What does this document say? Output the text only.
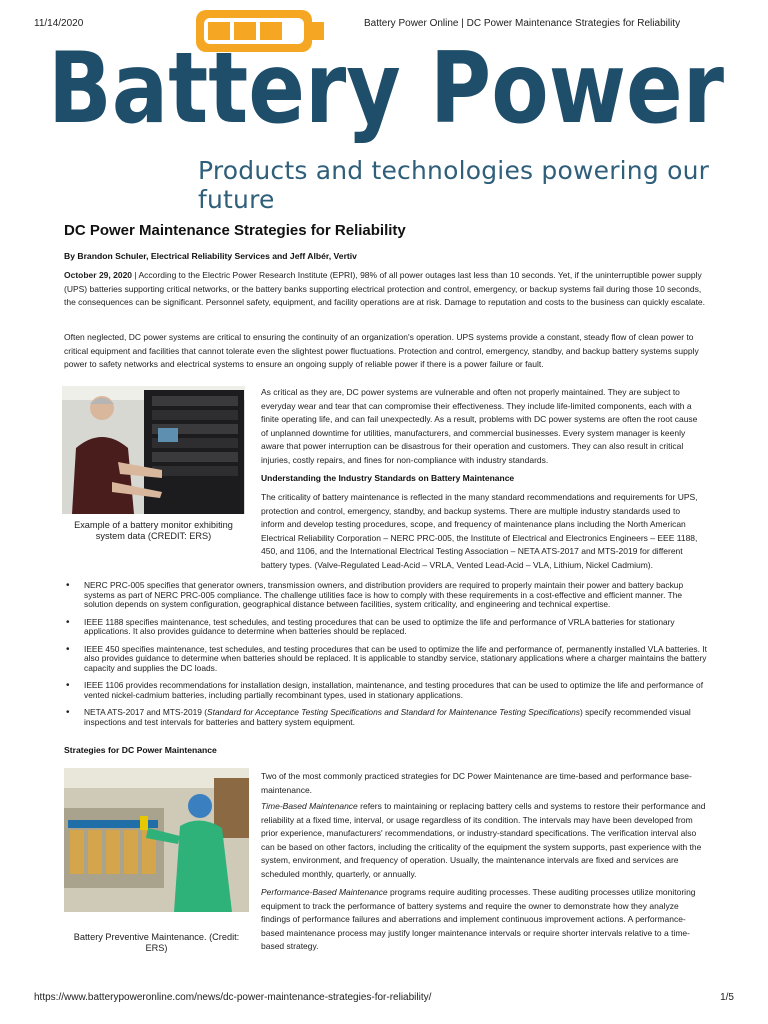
11/14/2020	Battery Power Online | DC Power Maintenance Strategies for Reliability
Battery Power
Products and technologies powering our future
DC Power Maintenance Strategies for Reliability
By Brandon Schuler, Electrical Reliability Services and Jeff Albér, Vertiv
October 29, 2020 | According to the Electric Power Research Institute (EPRI), 98% of all power outages last less than 10 seconds. Yet, if the uninterruptible power supply (UPS) batteries supporting critical networks, or the battery banks supporting electrical protection and control, emergency, or backup systems fail during those 10 seconds, the consequences can be significant. Personnel safety, equipment, and facility operations are at risk. Damage to reputation and costs to the business can quickly escalate.
Often neglected, DC power systems are critical to ensuring the continuity of an organization's operation. UPS systems provide a constant, steady flow of clean power to critical equipment and facilities that cannot tolerate even the slightest power fluctuations. Protection and control, emergency, standby, and backup battery systems supply power to safety networks and electrical systems to ensure an ongoing supply of reliable power if there is a power failure or fault.
Example of a battery monitor exhibiting system data (CREDIT: ERS)
As critical as they are, DC power systems are vulnerable and often not properly maintained. They are subject to everyday wear and tear that can compromise their effectiveness. They include life-limited components, each with a finite operating life, and can fail unexpectedly. As a result, problems with DC power systems are often the root cause of unplanned downtime for utilities, manufacturers, and commercial businesses. Every system manager is keenly aware that power interruption can be disastrous for their operation and customers. They can also result in critical injuries, costly repairs, and fines for non-compliance with industry standards.
Understanding the Industry Standards on Battery Maintenance
The criticality of battery maintenance is reflected in the many standard recommendations and requirements for UPS, protection and control, emergency, standby, and backup systems. There are multiple industry standards used to inform and develop testing procedures, scope, and frequency of maintenance plans including the North American Electrical Reliability Corporation – NERC PRC-005, the Institute of Electrical and Electronics Engineers – EEE 1188, 450, and 1106, and the International Electrical Testing Association – NETA ATS-2017 and MTS-2019 for different battery types. (Valve-Regulated Lead-Acid – VRLA, Vented Lead-Acid – VLA, Lithium, Nickel Cadmium).
• NERC PRC-005 specifies that generator owners, transmission owners, and distribution providers are required to properly maintain their power and battery backup systems as part of NERC PRC-005 compliance. The challenge utilities face is how to comply with these requirements in a cost-effective and efficient manner. The solution depends on system configuration, geographical distance between facilities, system criticality, and engineering and technical expertise.
• IEEE 1188 specifies maintenance, test schedules, and testing procedures that can be used to optimize the life and performance of VRLA batteries for stationary applications. It also provides guidance to determine when batteries should be replaced.
• IEEE 450 specifies maintenance, test schedules, and testing procedures that can be used to optimize the life and performance of, permanently installed VLA batteries. It also provides guidance to determine when batteries should be replaced. It is applicable to standby service, stationary applications where a charger maintains the battery capacity and supplies the DC loads.
• IEEE 1106 provides recommendations for installation design, installation, maintenance, and testing procedures that can be used to optimize the life and performance of vented nickel-cadmium batteries, including partially recombinant types, used in stationary applications.
• NETA ATS-2017 and MTS-2019 (Standard for Acceptance Testing Specifications and Standard for Maintenance Testing Specifications) specify recommended visual inspections and test intervals for batteries and battery system equipment.
Strategies for DC Power Maintenance
Battery Preventive Maintenance. (Credit: ERS)
Two of the most commonly practiced strategies for DC Power Maintenance are time-based and performance base-maintenance.
Time-Based Maintenance refers to maintaining or replacing battery cells and systems to restore their performance and reliability at a fixed time, interval, or usage regardless of its condition. The intervals may have been developed from prior experience, manufacturers' recommendations, or industry-standard specifications. The verification interval also can be based on other factors, including the criticality of the equipment the system supports, past experience with the system, environment, and frequency of operation. Usually, the maintenance intervals are fixed and services are scheduled monthly, quarterly, or annually.
Performance-Based Maintenance programs require auditing processes. These auditing processes utilize monitoring equipment to track the performance of battery systems and require the owner to demonstrate how they analyze findings of performance failures and aberrations and implement continuous improvement actions. A performance-based maintenance process may justify longer maintenance intervals or require shorter intervals relative to a time-based strategy.
https://www.batterypoweronline.com/news/dc-power-maintenance-strategies-for-reliability/	1/5
